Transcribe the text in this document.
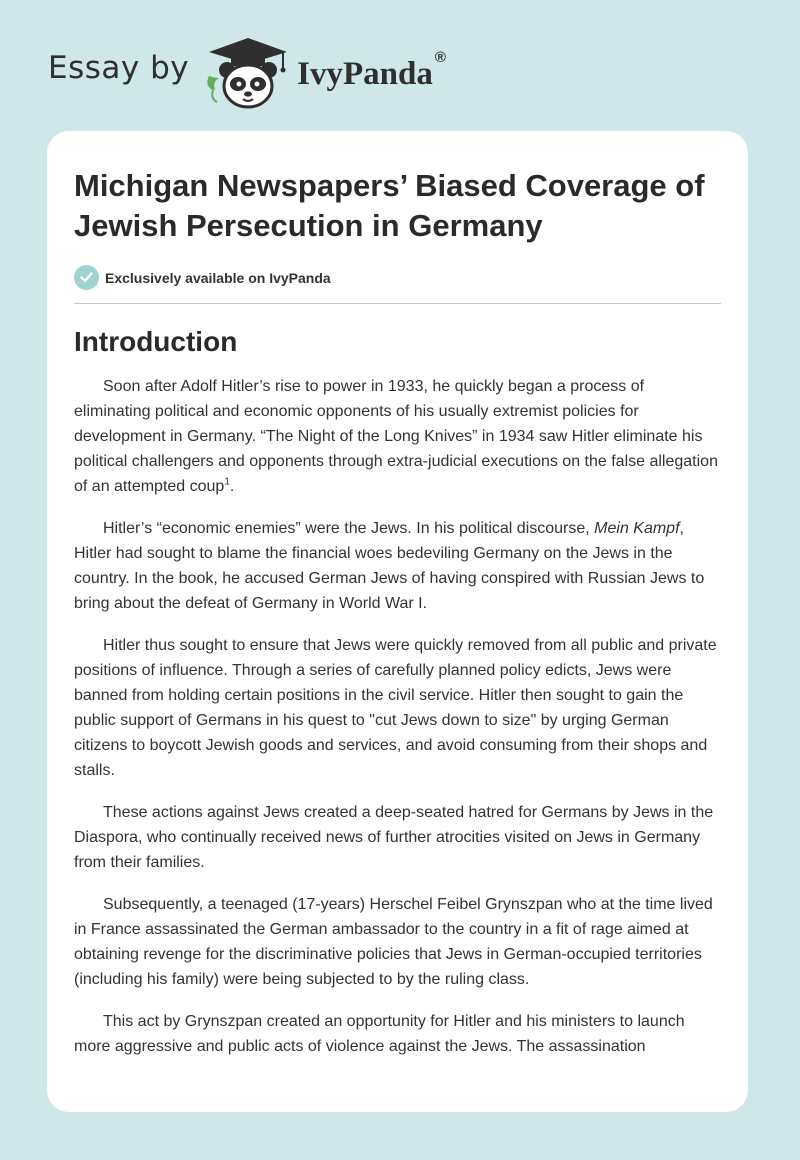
Essay by	IvyPanda ®
Michigan Newspapers’ Biased Coverage of Jewish Persecution in Germany
Exclusively available on IvyPanda
Introduction

Soon after Adolf Hitler’s rise to power in 1933, he quickly began a process of eliminating political and economic opponents of his usually extremist policies for development in Germany. “The Night of the Long Knives” in 1934 saw Hitler eliminate his political challengers and opponents through extra-judicial executions on the false allegation of an attempted coup$^1$.

Hitler’s “economic enemies” were the Jews. In his political discourse, Mein Kampf, Hitler had sought to blame the financial woes bedeviling Germany on the Jews in the country. In the book, he accused German Jews of having conspired with Russian Jews to bring about the defeat of Germany in World War I.

Hitler thus sought to ensure that Jews were quickly removed from all public and private positions of influence. Through a series of carefully planned policy edicts, Jews were banned from holding certain positions in the civil service. Hitler then sought to gain the public support of Germans in his quest to "cut Jews down to size" by urging German citizens to boycott Jewish goods and services, and avoid consuming from their shops and stalls.

These actions against Jews created a deep-seated hatred for Germans by Jews in the Diaspora, who continually received news of further atrocities visited on Jews in Germany from their families.

Subsequently, a teenaged (17-years) Herschel Feibel Grynszpan who at the time lived in France assassinated the German ambassador to the country in a fit of rage aimed at obtaining revenge for the discriminative policies that Jews in German-occupied territories (including his family) were being subjected to by the ruling class.

This act by Grynszpan created an opportunity for Hitler and his ministers to launch more aggressive and public acts of violence against the Jews. The assassination
